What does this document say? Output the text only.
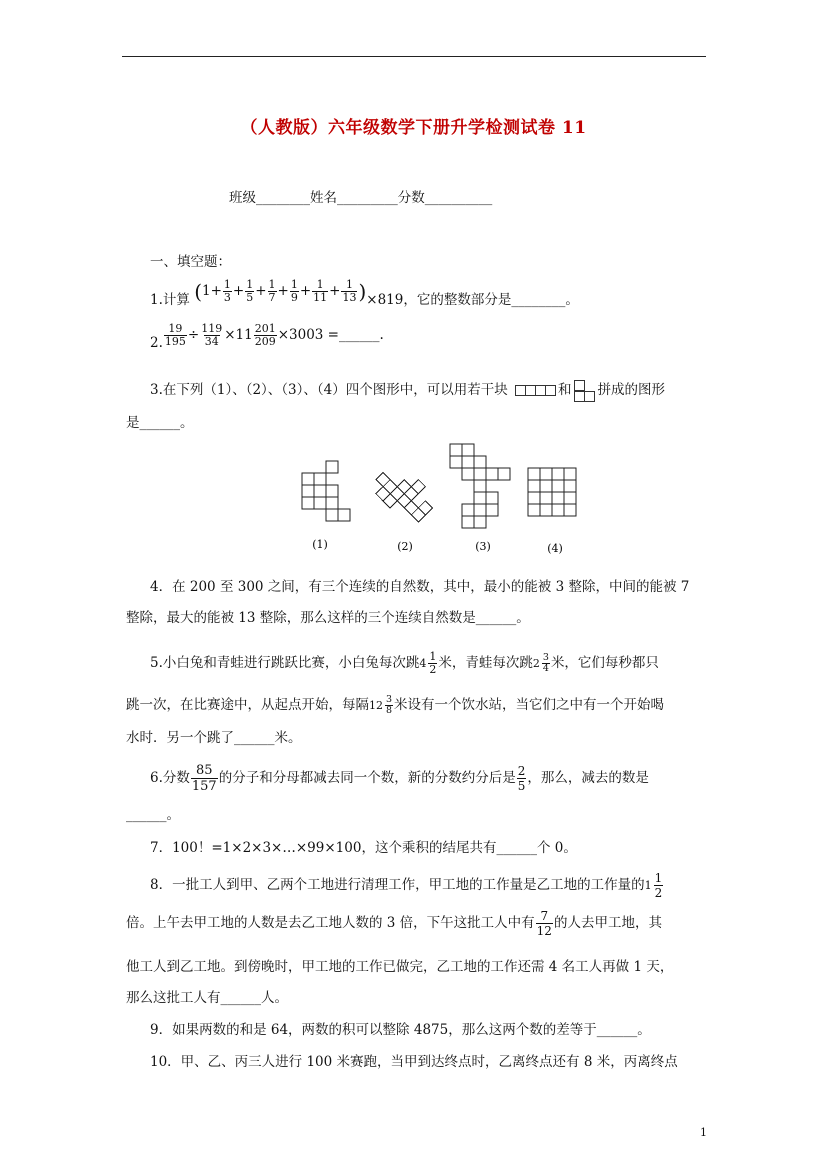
（人教版）六年级数学下册升学检测试卷 11
班级________姓名_________分数__________
一、填空题：
1.计算 $(1+ \frac{1}{3} + \frac{1}{5} + \frac{1}{7} + \frac{1}{9} + \frac{1}{11} + \frac{1}{13} )\times 819$，它的整数部分是________。
2. $\frac{19}{195} \div \frac{119}{34} \times 11 \frac{201}{209} \times 3003$ =______.
3.在下列（1）、（2）、（3）、（4）四个图形中，可以用若干块	和 拼成的图形
是______。
(1)	(2)	(3)	(4)
4．在 200 至 300 之间，有三个连续的自然数，其中，最小的能被 3 整除，中间的能被 7
整除，最大的能被 13 整除，那么这样的三个连续自然数是______。
5.小白兔和青蛙进行跳跃比赛，小白兔每次跳 $4 \frac{1}{2}$ 米，青蛙每次跳 $2 \frac{3}{4}$ 米，它们每秒都只
跳一次，在比赛途中，从起点开始，每隔 $12 \frac{3}{8}$ 米设有一个饮水站，当它们之中有一个开始喝
水时．另一个跳了______米。
6.分数 $\frac{85}{157}$ 的分子和分母都减去同一个数，新的分数约分后是 $\frac{2}{5}$ ，那么，减去的数是
______。
7．100！=1×2×3×…×99×100，这个乘积的结尾共有______个 0。
8．一批工人到甲、乙两个工地进行清理工作，甲工地的工作量是乙工地的工作量的 $1 \frac{1}{2}$
倍。上午去甲工地的人数是去乙工地人数的 3 倍，下午这批工人中有 $\frac{7}{12}$ 的人去甲工地，其
他工人到乙工地。到傍晚时，甲工地的工作已做完，乙工地的工作还需 4 名工人再做 1 天，
那么这批工人有______人。
9．如果两数的和是 64，两数的积可以整除 4875，那么这两个数的差等于______。
10．甲、乙、丙三人进行 100 米赛跑，当甲到达终点时，乙离终点还有 8 米，丙离终点
1
